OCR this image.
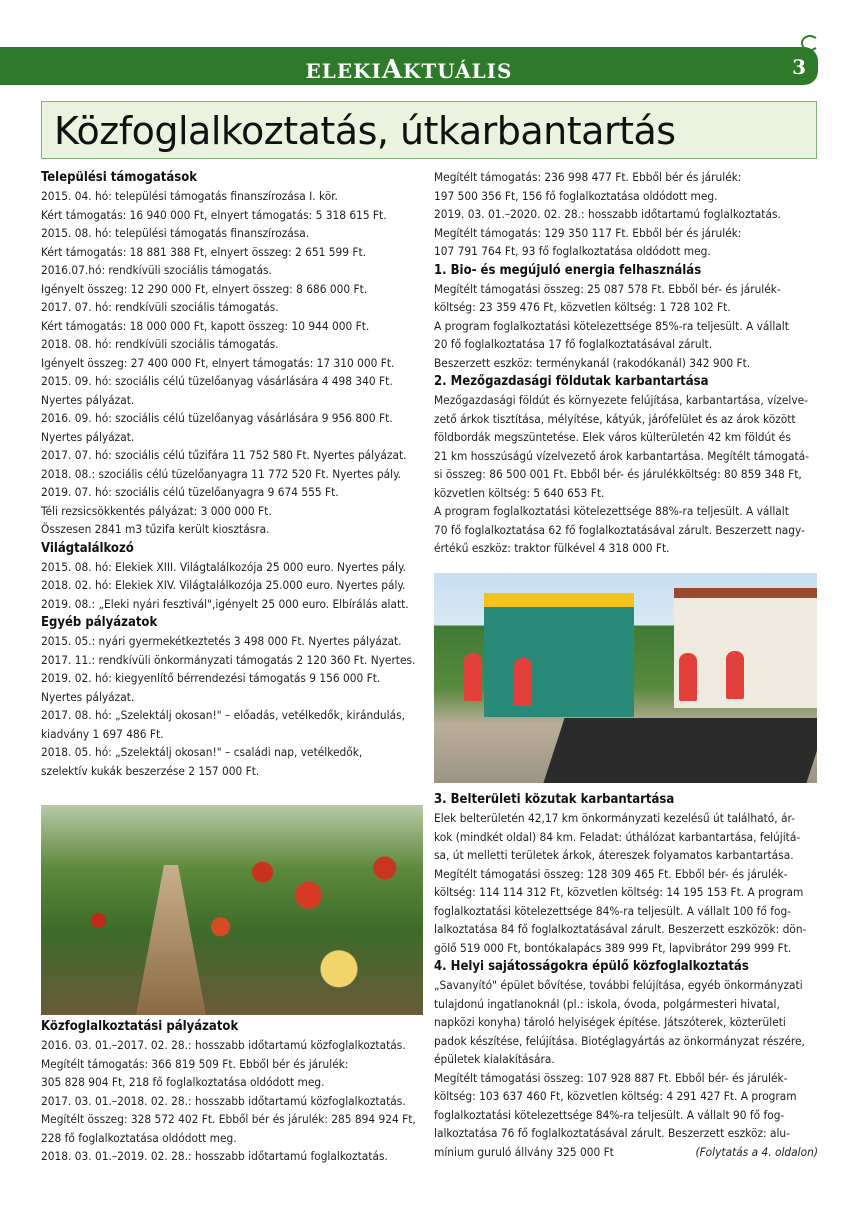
ELEKIAKTUÁLIS	3
Közfoglalkoztatás, útkarbantartás
Települési támogatások

2015. 04. hó: települési támogatás finanszírozása I. kör.

Kért támogatás: 16 940 000 Ft, elnyert támogatás: 5 318 615 Ft.

2015. 08. hó: települési támogatás finanszírozása.

Kért támogatás: 18 881 388 Ft, elnyert összeg: 2 651 599 Ft.

2016.07.hó: rendkívüli szociális támogatás.

Igényelt összeg: 12 290 000 Ft, elnyert összeg: 8 686 000 Ft.

2017. 07. hó: rendkívüli szociális támogatás.

Kért támogatás: 18 000 000 Ft, kapott összeg: 10 944 000 Ft.

2018. 08. hó: rendkívüli szociális támogatás.

Igényelt összeg: 27 400 000 Ft, elnyert támogatás: 17 310 000 Ft.

2015. 09. hó: szociális célú tüzelőanyag vásárlására 4 498 340 Ft.

Nyertes pályázat.

2016. 09. hó: szociális célú tüzelőanyag vásárlására 9 956 800 Ft.

Nyertes pályázat.

2017. 07. hó: szociális célú tűzifára 11 752 580 Ft. Nyertes pályázat.

2018. 08.: szociális célú tüzelőanyagra 11 772 520 Ft. Nyertes pály.

2019. 07. hó: szociális célú tüzelőanyagra 9 674 555 Ft.

Téli rezsicsökkentés pályázat: 3 000 000 Ft.

Összesen 2841 m3 tűzifa került kiosztásra.

Világtalálkozó

2015. 08. hó: Elekiek XIII. Világtalálkozója 25 000 euro. Nyertes pály.

2018. 02. hó: Elekiek XIV. Világtalálkozója 25.000 euro. Nyertes pály.

2019. 08.: „Eleki nyári fesztivál",igényelt 25 000 euro. Elbírálás alatt.

Egyéb pályázatok

2015. 05.: nyári gyermekétkeztetés 3 498 000 Ft. Nyertes pályázat.

2017. 11.: rendkívüli önkormányzati támogatás 2 120 360 Ft. Nyertes.

2019. 02. hó: kiegyenlítő bérrendezési támogatás 9 156 000 Ft.

Nyertes pályázat.

2017. 08. hó: „Szelektálj okosan!" – előadás, vetélkedők, kirándulás,

kiadvány 1 697 486 Ft.

2018. 05. hó: „Szelektálj okosan!" – családi nap, vetélkedők,

szelektív kukák beszerzése 2 157 000 Ft.

Közfoglalkoztatási pályázatok

2016. 03. 01.–2017. 02. 28.: hosszabb időtartamú közfoglalkoztatás.

Megítélt támogatás: 366 819 509 Ft. Ebből bér és járulék:

305 828 904 Ft, 218 fő foglalkoztatása oldódott meg.

2017. 03. 01.–2018. 02. 28.: hosszabb időtartamú közfoglalkoztatás.

Megítélt összeg: 328 572 402 Ft. Ebből bér és járulék: 285 894 924 Ft,

228 fő foglalkoztatása oldódott meg.

2018. 03. 01.–2019. 02. 28.: hosszabb időtartamú foglalkoztatás.

Megítélt támogatás: 236 998 477 Ft. Ebből bér és járulék:

197 500 356 Ft, 156 fő foglalkoztatása oldódott meg.

2019. 03. 01.–2020. 02. 28.: hosszabb időtartamú foglalkoztatás.

Megítélt támogatás: 129 350 117 Ft. Ebből bér és járulék:

107 791 764 Ft, 93 fő foglalkoztatása oldódott meg.

1. Bio- és megújuló energia felhasználás

Megítélt támogatási összeg: 25 087 578 Ft. Ebből bér- és járulék-

költség: 23 359 476 Ft, közvetlen költség: 1 728 102 Ft.

A program foglalkoztatási kötelezettsége 85%-ra teljesült. A vállalt

20 fő foglalkoztatása 17 fő foglalkoztatásával zárult.

Beszerzett eszköz: terménykanál (rakodókanál) 342 900 Ft.

2. Mezőgazdasági földutak karbantartása

Mezőgazdasági földút és környezete felújítása, karbantartása, vízelve-

zető árkok tisztítása, mélyítése, kátyúk, járófelület és az árok között

földbordák megszüntetése. Elek város külterületén 42 km földút és

21 km hosszúságú vízelvezető árok karbantartása. Megítélt támogatá-

si összeg: 86 500 001 Ft. Ebből bér- és járulékköltség: 80 859 348 Ft,

közvetlen költség: 5 640 653 Ft.

A program foglalkoztatási kötelezettsége 88%-ra teljesült. A vállalt

70 fő foglalkoztatása 62 fő foglalkoztatásával zárult. Beszerzett nagy-

értékű eszköz: traktor fülkével 4 318 000 Ft.

3. Belterületi közutak karbantartása

Elek belterületén 42,17 km önkormányzati kezelésű út található, ár-

kok (mindkét oldal) 84 km. Feladat: úthálózat karbantartása, felújítá-

sa, út melletti területek árkok, átereszek folyamatos karbantartása.

Megítélt támogatási összeg: 128 309 465 Ft. Ebből bér- és járulék-

költség: 114 114 312 Ft, közvetlen költség: 14 195 153 Ft. A program

foglalkoztatási kötelezettsége 84%-ra teljesült. A vállalt 100 fő fog-

lalkoztatása 84 fő foglalkoztatásával zárult. Beszerzett eszközök: dön-

gölő 519 000 Ft, bontókalapács 389 999 Ft, lapvibrátor 299 999 Ft.

4. Helyi sajátosságokra épülő közfoglalkoztatás

„Savanyító" épület bővítése, további felújítása, egyéb önkormányzati

tulajdonú ingatlanoknál (pl.: iskola, óvoda, polgármesteri hivatal,

napközi konyha) tároló helyiségek építése. Játszóterek, közterületi

padok készítése, felújítása. Biotéglagyártás az önkormányzat részére,

épületek kialakítására.

Megítélt támogatási összeg: 107 928 887 Ft. Ebből bér- és járulék-

költség: 103 637 460 Ft, közvetlen költség: 4 291 427 Ft. A program

foglalkoztatási kötelezettsége 84%-ra teljesült. A vállalt 90 fő fog-

lalkoztatása 76 fő foglalkoztatásával zárult. Beszerzett eszköz: alu-

mínium guruló állvány 325 000 Ft	(Folytatás a 4. oldalon)
